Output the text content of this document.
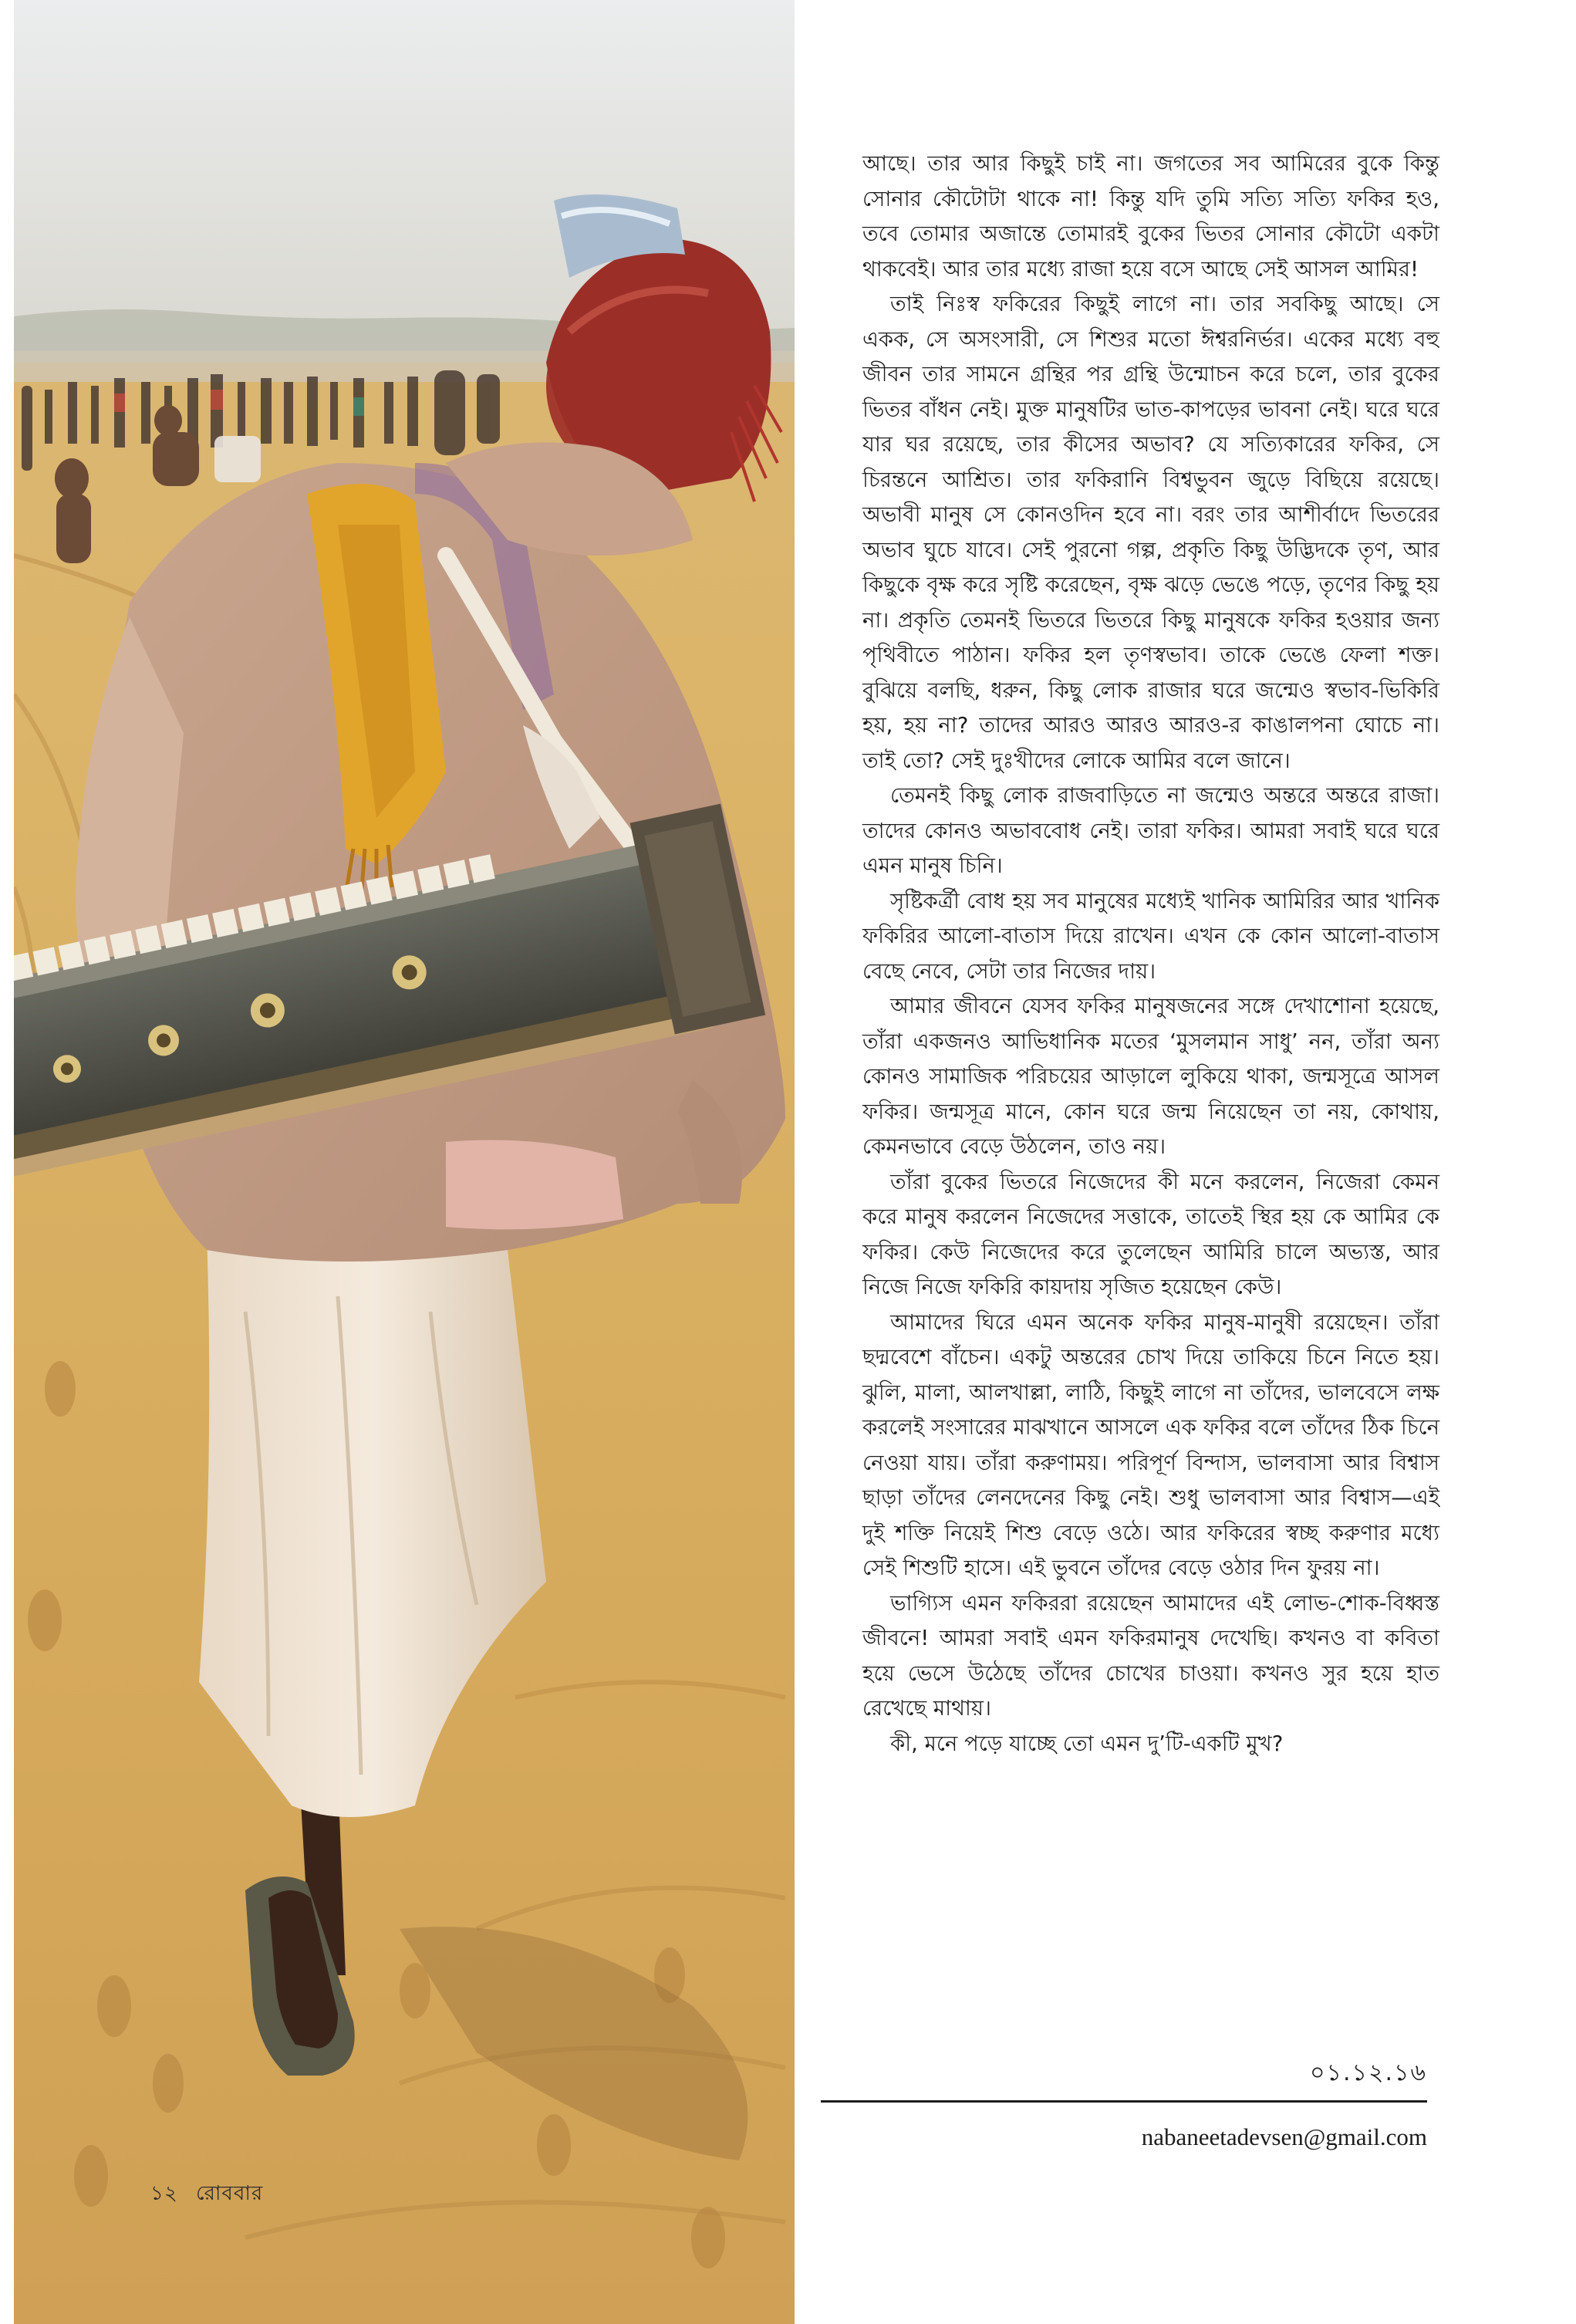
১২ রোববার

আছে। তার আর কিছুই চাই না। জগতের সব আমিরের বুকে কিন্তু সোনার কৌটোটা থাকে না! কিন্তু যদি তুমি সত্যি সত্যি ফকির হও, তবে তোমার অজান্তে তোমারই বুকের ভিতর সোনার কৌটো একটা থাকবেই। আর তার মধ্যে রাজা হয়ে বসে আছে সেই আসল আমির!

তাই নিঃস্ব ফকিরের কিছুই লাগে না। তার সবকিছু আছে। সে একক, সে অসংসারী, সে শিশুর মতো ঈশ্বরনির্ভর। একের মধ্যে বহু জীবন তার সামনে গ্রন্থির পর গ্রন্থি উন্মোচন করে চলে, তার বুকের ভিতর বাঁধন নেই। মুক্ত মানুষটির ভাত-কাপড়ের ভাবনা নেই। ঘরে ঘরে যার ঘর রয়েছে, তার কীসের অভাব? যে সত্যিকারের ফকির, সে চিরন্তনে আশ্রিত। তার ফকিরানি বিশ্বভুবন জুড়ে বিছিয়ে রয়েছে। অভাবী মানুষ সে কোনওদিন হবে না। বরং তার আশীর্বাদে ভিতরের অভাব ঘুচে যাবে। সেই পুরনো গল্প, প্রকৃতি কিছু উদ্ভিদকে তৃণ, আর কিছুকে বৃক্ষ করে সৃষ্টি করেছেন, বৃক্ষ ঝড়ে ভেঙে পড়ে, তৃণের কিছু হয় না। প্রকৃতি তেমনই ভিতরে ভিতরে কিছু মানুষকে ফকির হওয়ার জন্য পৃথিবীতে পাঠান। ফকির হল তৃণস্বভাব। তাকে ভেঙে ফেলা শক্ত। বুঝিয়ে বলছি, ধরুন, কিছু লোক রাজার ঘরে জন্মেও স্বভাব-ভিকিরি হয়, হয় না? তাদের আরও আরও আরও-র কাঙালপনা ঘোচে না। তাই তো? সেই দুঃখীদের লোকে আমির বলে জানে।

তেমনই কিছু লোক রাজবাড়িতে না জন্মেও অন্তরে অন্তরে রাজা। তাদের কোনও অভাববোধ নেই। তারা ফকির। আমরা সবাই ঘরে ঘরে এমন মানুষ চিনি।

সৃষ্টিকর্ত্রী বোধ হয় সব মানুষের মধ্যেই খানিক আমিরির আর খানিক ফকিরির আলো-বাতাস দিয়ে রাখেন। এখন কে কোন আলো-বাতাস বেছে নেবে, সেটা তার নিজের দায়।

আমার জীবনে যেসব ফকির মানুষজনের সঙ্গে দেখাশোনা হয়েছে, তাঁরা একজনও আভিধানিক মতের ‘মুসলমান সাধু’ নন, তাঁরা অন্য কোনও সামাজিক পরিচয়ের আড়ালে লুকিয়ে থাকা, জন্মসূত্রে আসল ফকির। জন্মসূত্র মানে, কোন ঘরে জন্ম নিয়েছেন তা নয়, কোথায়, কেমনভাবে বেড়ে উঠলেন, তাও নয়।

তাঁরা বুকের ভিতরে নিজেদের কী মনে করলেন, নিজেরা কেমন করে মানুষ করলেন নিজেদের সত্তাকে, তাতেই স্থির হয় কে আমির কে ফকির। কেউ নিজেদের করে তুলেছেন আমিরি চালে অভ্যস্ত, আর নিজে নিজে ফকিরি কায়দায় সৃজিত হয়েছেন কেউ।

আমাদের ঘিরে এমন অনেক ফকির মানুষ-মানুষী রয়েছেন। তাঁরা ছদ্মবেশে বাঁচেন। একটু অন্তরের চোখ দিয়ে তাকিয়ে চিনে নিতে হয়। ঝুলি, মালা, আলখাল্লা, লাঠি, কিছুই লাগে না তাঁদের, ভালবেসে লক্ষ করলেই সংসারের মাঝখানে আসলে এক ফকির বলে তাঁদের ঠিক চিনে নেওয়া যায়। তাঁরা করুণাময়। পরিপূর্ণ বিন্দাস, ভালবাসা আর বিশ্বাস ছাড়া তাঁদের লেনদেনের কিছু নেই। শুধু ভালবাসা আর বিশ্বাস—এই দুই শক্তি নিয়েই শিশু বেড়ে ওঠে। আর ফকিরের স্বচ্ছ করুণার মধ্যে সেই শিশুটি হাসে। এই ভুবনে তাঁদের বেড়ে ওঠার দিন ফুরয় না।

ভাগ্যিস এমন ফকিররা রয়েছেন আমাদের এই লোভ-শোক-বিধ্বস্ত জীবনে! আমরা সবাই এমন ফকিরমানুষ দেখেছি। কখনও বা কবিতা হয়ে ভেসে উঠেছে তাঁদের চোখের চাওয়া। কখনও সুর হয়ে হাত রেখেছে মাথায়।

কী, মনে পড়ে যাচ্ছে তো এমন দু’টি-একটি মুখ?

০১.১২.১৬
nabaneetadevsen@gmail.com
